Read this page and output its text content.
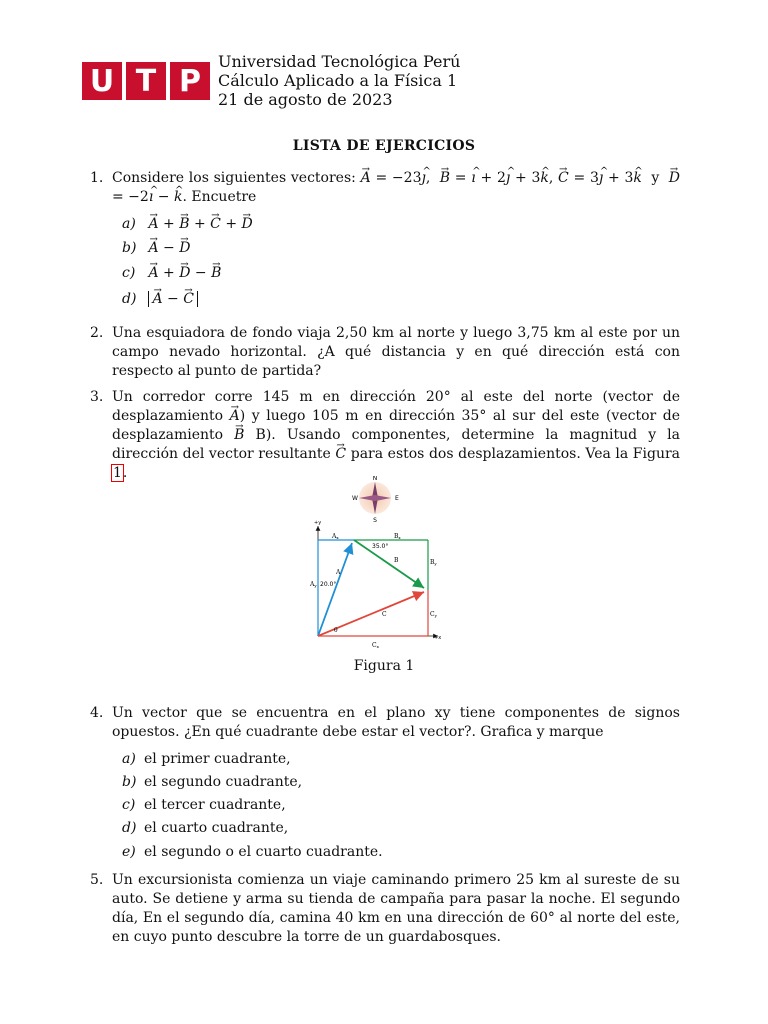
U T P
Universidad Tecnológica Perú
Cálculo Aplicado a la Física 1
21 de agosto de 2023
LISTA DE EJERCICIOS
1. Considere los siguientes vectores: → A = −23^ ȷ,  → B = ^ ı + 2^ ȷ + 3^ k, → C = 3^ ȷ + 3^ k y → D = −2^ ı − ^ k. Encuetre
a) → A + → B + → C + → D
b) → A − → D
c) → A + → D − → B
d) → A − → C
2. Una esquiadora de fondo viaja 2,50 km al norte y luego 3,75 km al este por un campo nevado horizontal. ¿A qué distancia y en qué dirección está con respecto al punto de partida?
3. Un corredor corre 145 m en dirección 20° al este del norte (vector de desplazamiento → A) y luego 105 m en dirección 35° al sur del este (vector de desplazamiento → B B). Usando componentes, determine la magnitud y la dirección del vector resultante → C para estos dos desplazamientos. Vea la Figura 1.	N
S
E
W
+y
+x
20.0°
35.0°
A
B
C
θ
Ax
Ay
Bx
By
Cy
Cx
Figura 1
4. Un vector que se encuentra en el plano xy tiene componentes de signos opuestos. ¿En qué cuadrante debe estar el vector?. Grafica y marque
a) el primer cuadrante,
b) el segundo cuadrante,
c) el tercer cuadrante,
d) el cuarto cuadrante,
e) el segundo o el cuarto cuadrante.
5. Un excursionista comienza un viaje caminando primero 25 km al sureste de su auto. Se detiene y arma su tienda de campaña para pasar la noche. El segundo día, En el segundo día, camina 40 km en una dirección de 60° al norte del este, en cuyo punto descubre la torre de un guardabosques.
